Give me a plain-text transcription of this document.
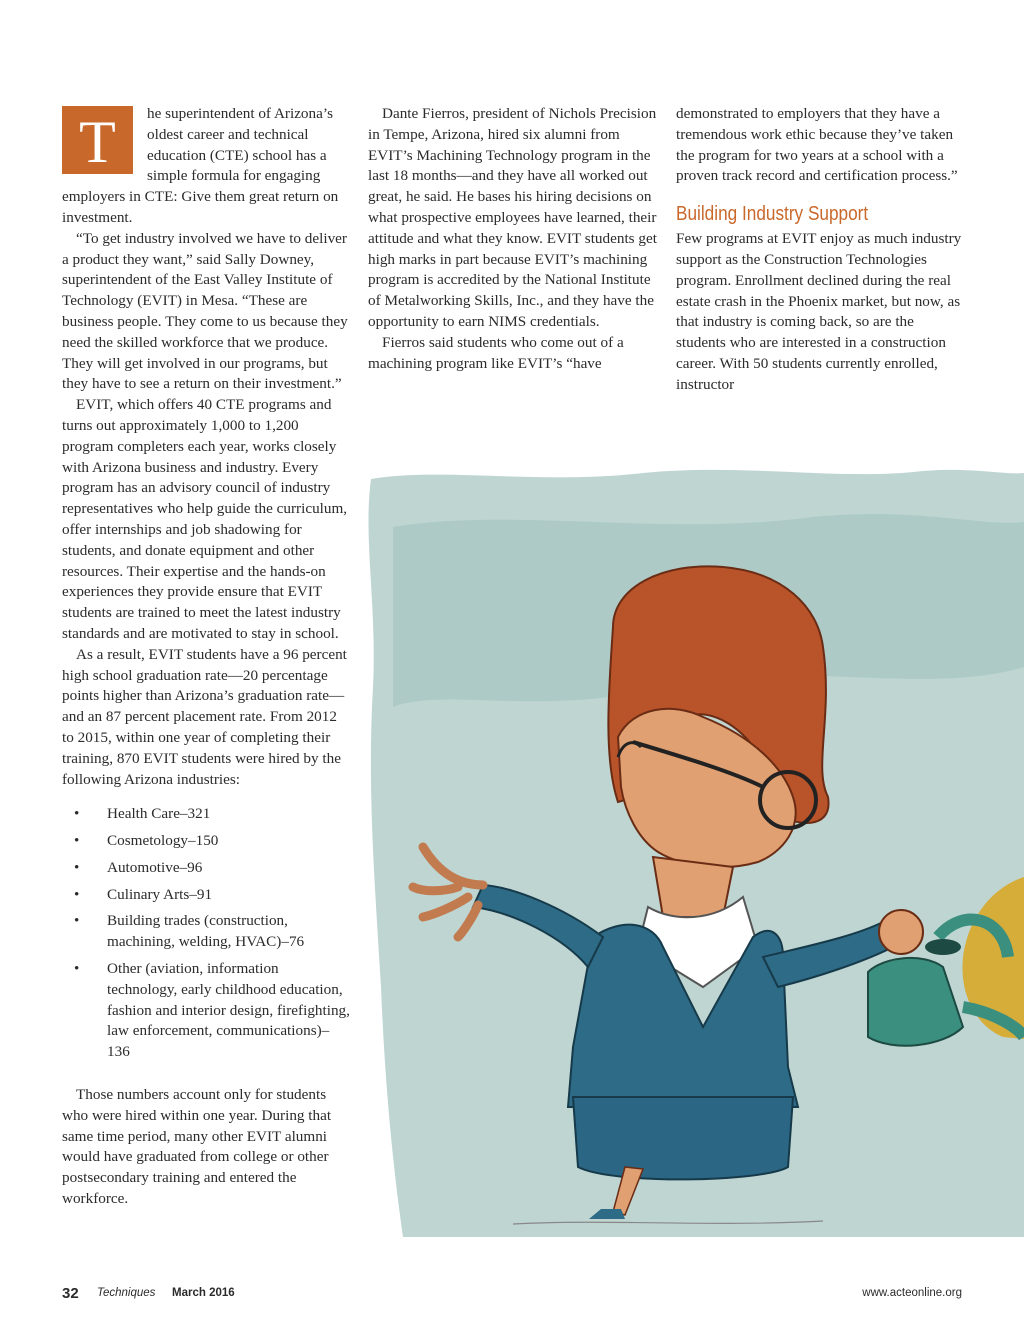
T	he superintendent of Arizona’s oldest career and technical education (CTE) school has a simple formula for engaging employers in CTE: Give them great return on investment.

“To get industry involved we have to deliver a product they want,” said Sally Downey, superintendent of the East Valley Institute of Technology (EVIT) in Mesa. “These are business people. They come to us because they need the skilled workforce that we produce. They will get involved in our programs, but they have to see a return on their investment.”

EVIT, which offers 40 CTE programs and turns out approximately 1,000 to 1,200 program completers each year, works closely with Arizona business and industry. Every program has an advisory council of industry representatives who help guide the curriculum, offer internships and job shadowing for students, and donate equipment and other resources. Their expertise and the hands-on experiences they provide ensure that EVIT students are trained to meet the latest industry standards and are motivated to stay in school.

As a result, EVIT students have a 96 percent high school graduation rate—20 percentage points higher than Arizona’s graduation rate—and an 87 percent placement rate. From 2012 to 2015, within one year of completing their training, 870 EVIT students were hired by the following Arizona industries:

• Health Care–321
• Cosmetology–150
• Automotive–96
• Culinary Arts–91
• Building trades (construction, machining, welding, HVAC)–76
• Other (aviation, information technology, early childhood education, fashion and interior design, firefighting, law enforcement, communications)–136

Those numbers account only for students who were hired within one year. During that same time period, many other EVIT alumni would have graduated from college or other postsecondary training and entered the workforce.

Dante Fierros, president of Nichols Precision in Tempe, Arizona, hired six alumni from EVIT’s Machining Technology program in the last 18 months—and they have all worked out great, he said. He bases his hiring decisions on what prospective employees have learned, their attitude and what they know. EVIT students get high marks in part because EVIT’s machining program is accredited by the National Institute of Metalworking Skills, Inc., and they have the opportunity to earn NIMS credentials.

Fierros said students who come out of a machining program like EVIT’s “have

demonstrated to employers that they have a tremendous work ethic because they’ve taken the program for two years at a school with a proven track record and certification process.”

Building Industry Support

Few programs at EVIT enjoy as much industry support as the Construction Technologies program. Enrollment declined during the real estate crash in the Phoenix market, but now, as that industry is coming back, so are the students who are interested in a construction career. With 50 students currently enrolled, instructor

32 Techniques March 2016	www.acteonline.org
